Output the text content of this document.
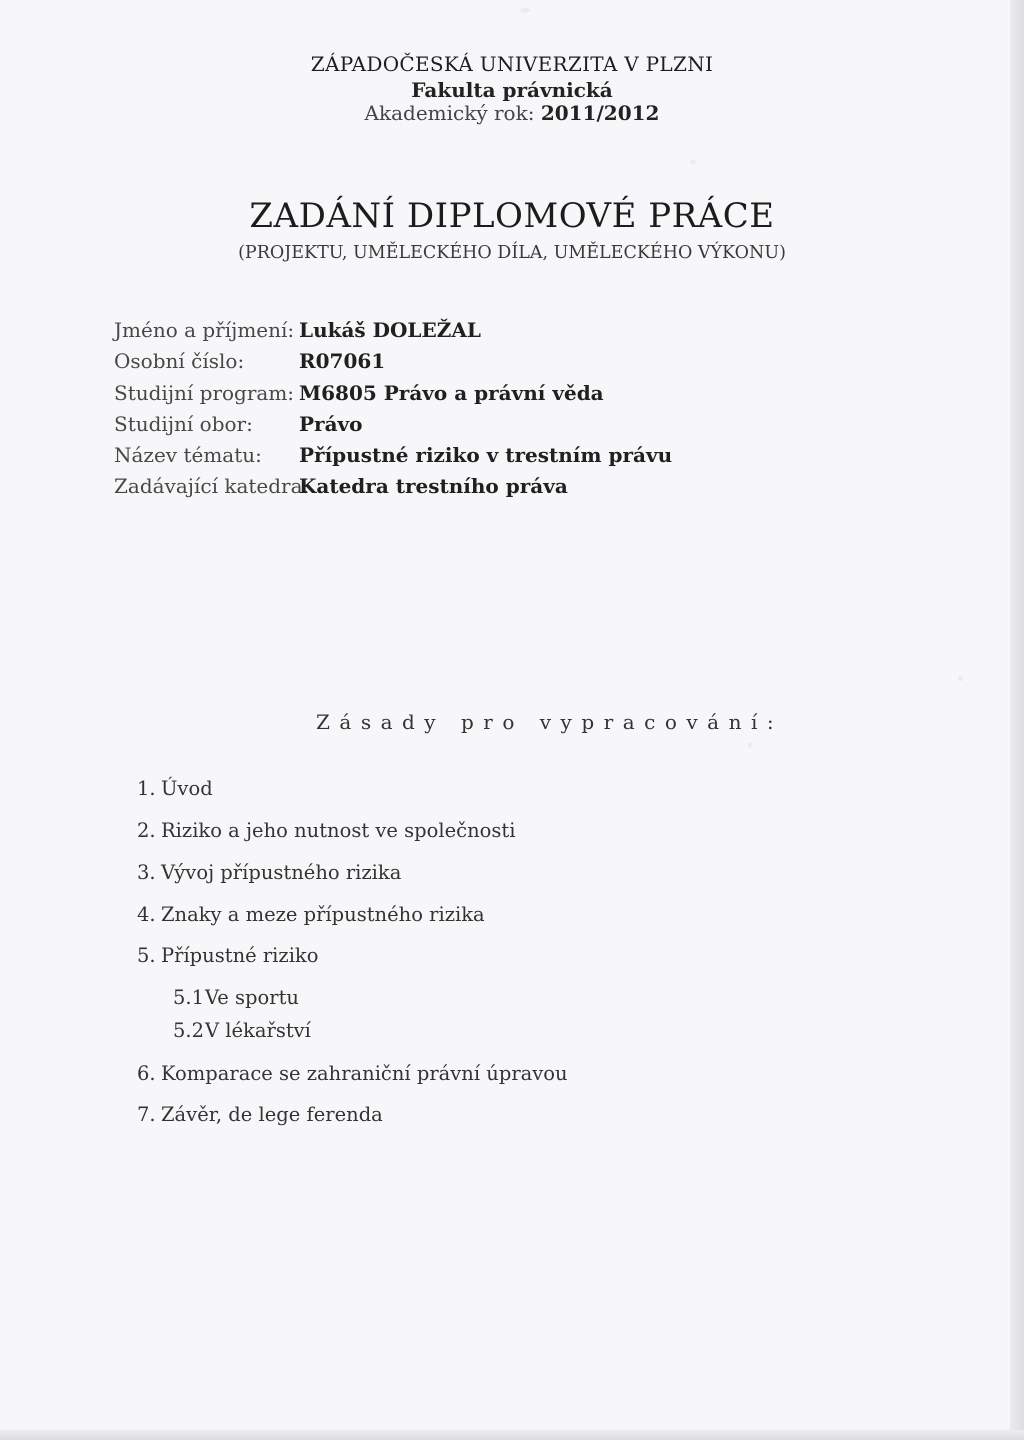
ZÁPADOČESKÁ UNIVERZITA V PLZNI
Fakulta právnická
Akademický rok: 2011/2012
ZADÁNÍ DIPLOMOVÉ PRÁCE
(PROJEKTU, UMĚLECKÉHO DÍLA, UMĚLECKÉHO VÝKONU)
Jméno a příjmení: Lukáš DOLEŽAL
Osobní číslo:	R07061
Studijní program: M6805 Právo a právní věda
Studijní obor: Právo
Název tématu: Přípustné riziko v trestním právu
Zadávající katedra:
Katedra trestního práva
Zásady pro vypracování:
1. Úvod
2. Riziko a jeho nutnost ve společnosti
3. Vývoj přípustného rizika
4. Znaky a meze přípustného rizika
5. Přípustné riziko
5.1Ve sportu
5.2V lékařství
6. Komparace se zahraniční právní úpravou
7. Závěr, de lege ferenda
